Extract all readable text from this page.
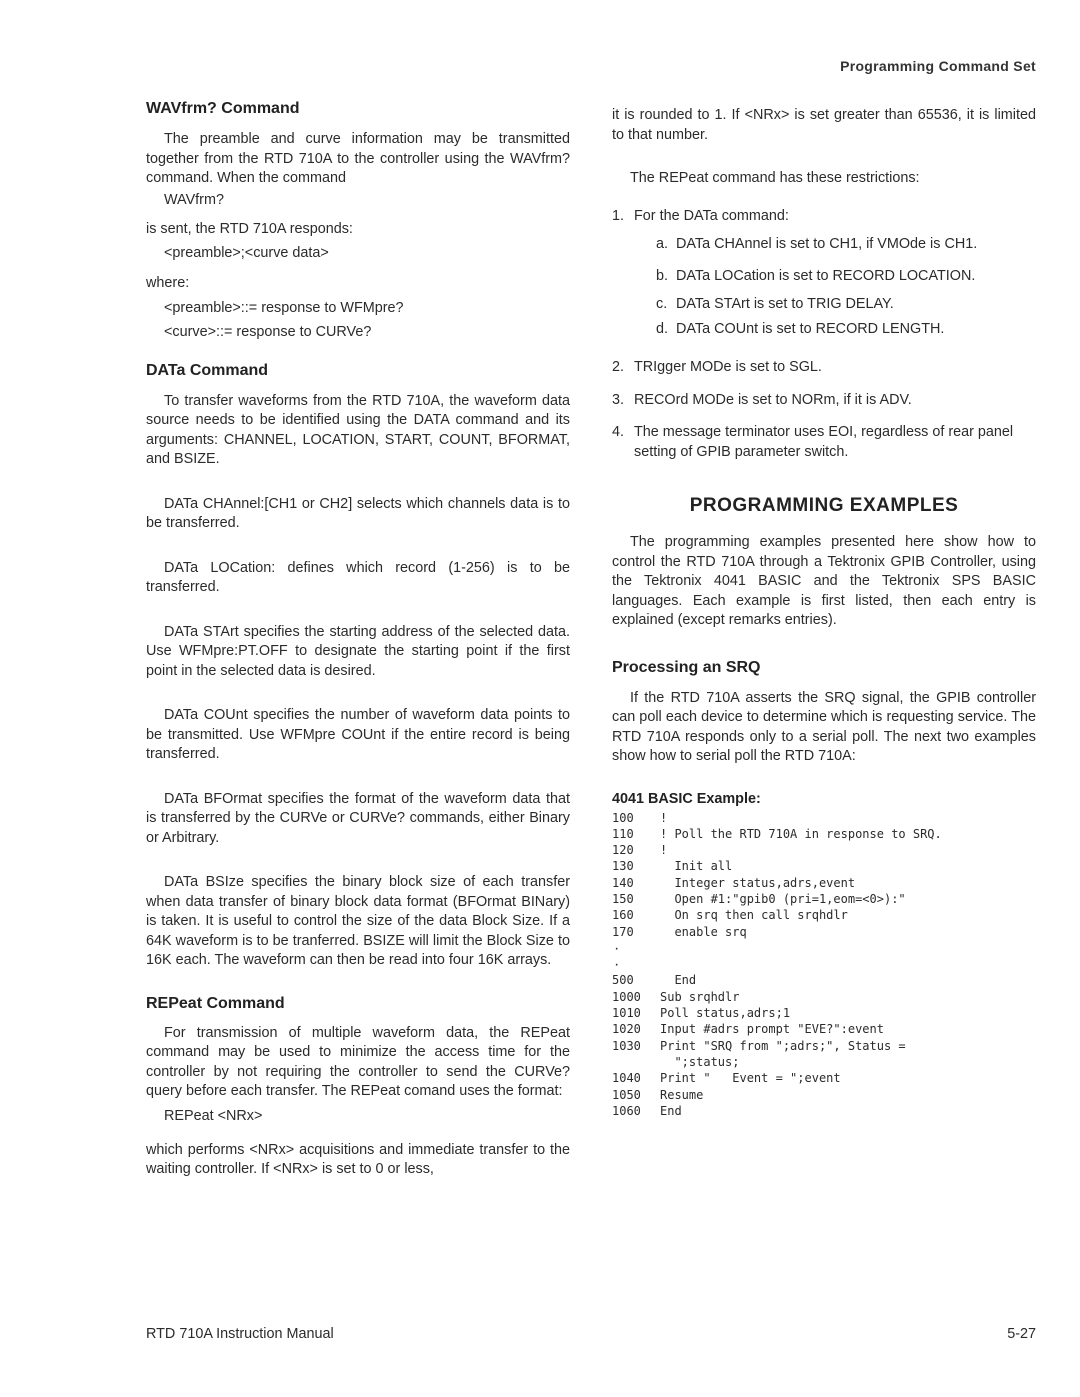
Programming Command Set
WAVfrm? Command

The preamble and curve information may be transmitted together from the RTD 710A to the controller using the WAVfrm? command. When the command

WAVfrm?

is sent, the RTD 710A responds:

<preamble>;<curve data>

where:

<preamble>::= response to WFMpre?
<curve>::= response to CURVe?
DATa Command

To transfer waveforms from the RTD 710A, the waveform data source needs to be identified using the DATA command and its arguments: CHANNEL, LOCATION, START, COUNT, BFORMAT, and BSIZE.

DATa CHAnnel:[CH1 or CH2] selects which channels data is to be transferred.

DATa LOCation: defines which record (1-256) is to be transferred.

DATa STArt specifies the starting address of the selected data. Use WFMpre:PT.OFF to designate the starting point if the first point in the selected data is desired.

DATa COUnt specifies the number of waveform data points to be transmitted. Use WFMpre COUnt if the entire record is being transferred.

DATa BFOrmat specifies the format of the waveform data that is transferred by the CURVe or CURVe? commands, either Binary or Arbitrary.

DATa BSIze specifies the binary block size of each transfer when data transfer of binary block data format (BFOrmat BINary) is taken. It is useful to control the size of the data Block Size. If a 64K waveform is to be tranferred. BSIZE will limit the Block Size to 16K each. The waveform can then be read into four 16K arrays.

REPeat Command

For transmission of multiple waveform data, the REPeat command may be used to minimize the access time for the controller by not requiring the controller to send the CURVe? query before each transfer. The REPeat comand uses the format:

REPeat <NRx>

which performs <NRx> acquisitions and immediate transfer to the waiting controller. If <NRx> is set to 0 or less,

it is rounded to 1. If <NRx> is set greater than 65536, it is limited to that number.

The REPeat command has these restrictions:

1. For the DATa command:
a. DATa CHAnnel is set to CH1, if VMOde is CH1.
b. DATa LOCation is set to RECORD LOCATION.
c. DATa STArt is set to TRIG DELAY.
d. DATa COUnt is set to RECORD LENGTH.
2. TRIgger MODe is set to SGL.
3. RECOrd MODe is set to NORm, if it is ADV.
4. The message terminator uses EOI, regardless of rear panel setting of GPIB parameter switch.
PROGRAMMING EXAMPLES

The programming examples presented here show how to control the RTD 710A through a Tektronix GPIB Controller, using the Tektronix 4041 BASIC and the Tektronix SPS BASIC languages. Each example is first listed, then each entry is explained (except remarks entries).

Processing an SRQ

If the RTD 710A asserts the SRQ signal, the GPIB controller can poll each device to determine which is requesting service. The RTD 710A responds only to a serial poll. The next two examples show how to serial poll the RTD 710A:

4041 BASIC Example:
100	!
110	! Poll the RTD 710A in response to SRQ.
120	!
130	Init all
140	Integer status,adrs,event
150	Open #1:"gpib0 (pri=1,eom=<0>):"
160	On srq then call srqhdlr
170	enable srq
·
·
500	End
1000	Sub srqhdlr
1010	Poll status,adrs;1
1020	Input #adrs prompt "EVE?":event
1030	Print "SRQ from ";adrs;", Status =
";status;
1040	Print "   Event = ";event
1050	Resume
1060	End
RTD 710A Instruction Manual	5-27
